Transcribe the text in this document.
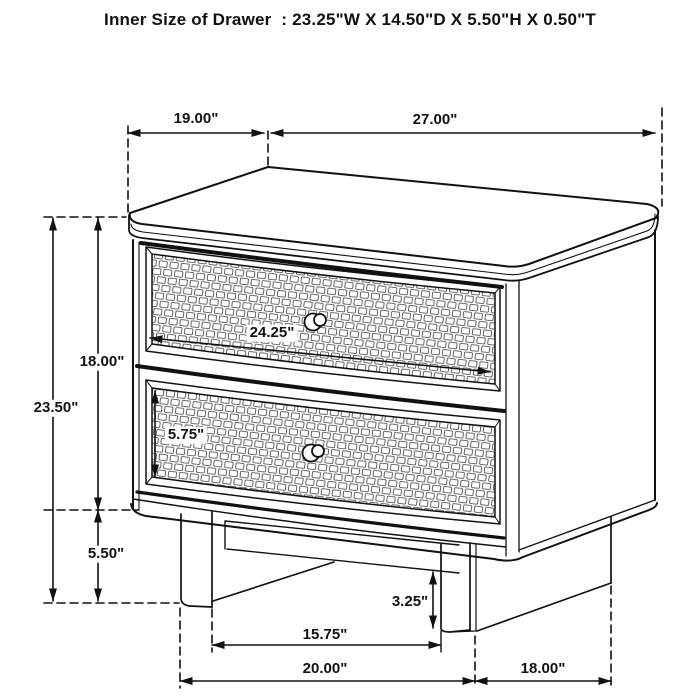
Inner Size of Drawer  : 23.25"W X 14.50"D X 5.50"H X 0.50"T
19.00"	27.00"
18.00"
23.50"
24.25"
5.75"
5.50"
3.25"
15.75"
20.00"	18.00"
